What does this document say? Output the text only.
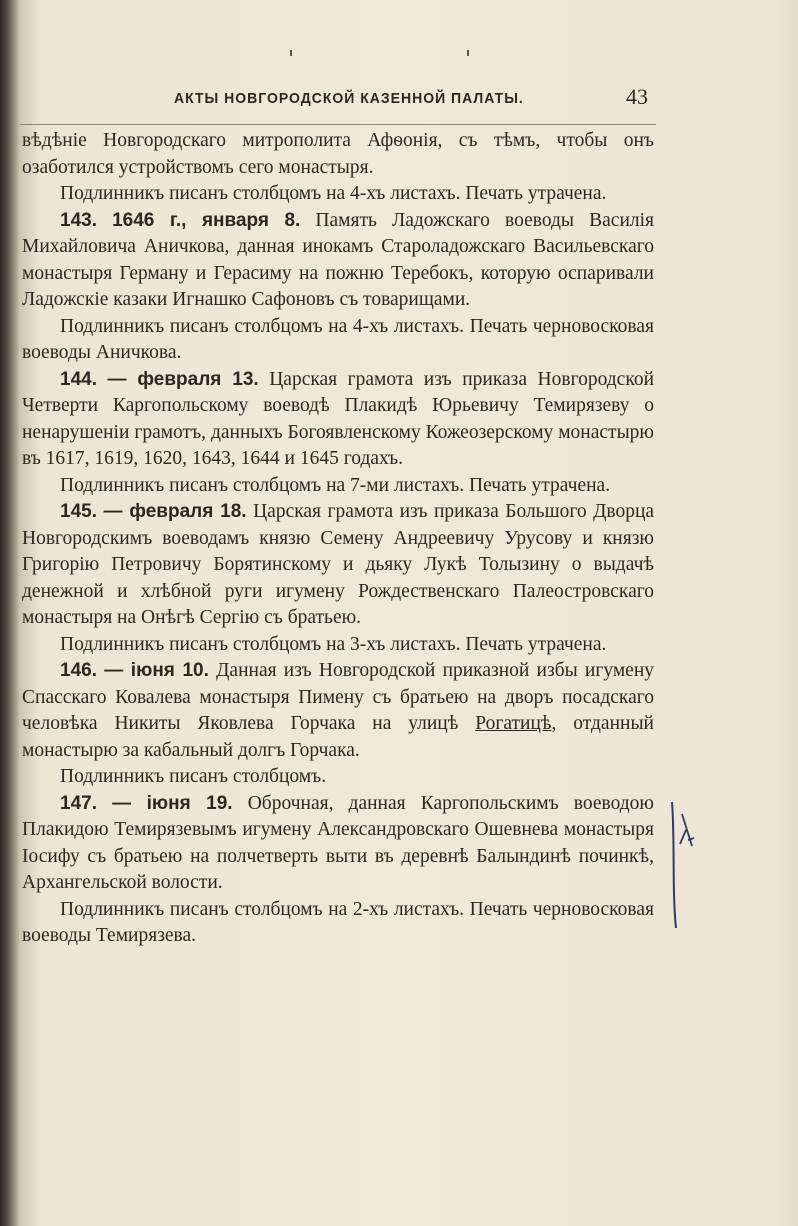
АКТЫ НОВГОРОДСКОЙ КАЗЕННОЙ ПАЛАТЫ.	43

вѣдѣніе Новгородскаго митрополита Афѳонія, съ тѣмъ, чтобы онъ озаботился устройствомъ сего монастыря.

Подлинникъ писанъ столбцомъ на 4-хъ листахъ. Печать утрачена.

143. 1646 г., января 8. Память Ладожскаго воеводы Василія Михайловича Аничкова, данная инокамъ Староладожскаго Васильевскаго монастыря Герману и Герасиму на пожню Теребокъ, которую оспаривали Ладожскіе казаки Игнашко Сафоновъ съ товарищами.

Подлинникъ писанъ столбцомъ на 4-хъ листахъ. Печать черновосковая воеводы Аничкова.

144. — февраля 13. Царская грамота изъ приказа Новгородской Четверти Каргопольскому воеводѣ Плакидѣ Юрьевичу Темирязеву о ненарушеніи грамотъ, данныхъ Богоявленскому Кожеозерскому монастырю въ 1617, 1619, 1620, 1643, 1644 и 1645 годахъ.

Подлинникъ писанъ столбцомъ на 7-ми листахъ. Печать утрачена.

145. — февраля 18. Царская грамота изъ приказа Большого Дворца Новгородскимъ воеводамъ князю Семену Андреевичу Урусову и князю Григорію Петровичу Борятинскому и дьяку Лукѣ Толызину о выдачѣ денежной и хлѣбной руги игумену Рождественскаго Палеостровскаго монастыря на Онѣгѣ Сергію съ братьею.

Подлинникъ писанъ столбцомъ на 3-хъ листахъ. Печать утрачена.

146. — іюня 10. Данная изъ Новгородской приказной избы игумену Спасскаго Ковалева монастыря Пимену съ братьею на дворъ посадскаго человѣка Никиты Яковлева Горчака на улицѣ Рогатицѣ, отданный монастырю за кабальный долгъ Горчака.

Подлинникъ писанъ столбцомъ.

147. — іюня 19. Оброчная, данная Каргопольскимъ воеводою Плакидою Темирязевымъ игумену Александровскаго Ошевнева монастыря Іосифу съ братьею на полчетверть выти въ деревнѣ Балындинѣ починкѣ, Архангельской волости.

Подлинникъ писанъ столбцомъ на 2-хъ листахъ. Печать черновосковая воеводы Темирязева.
